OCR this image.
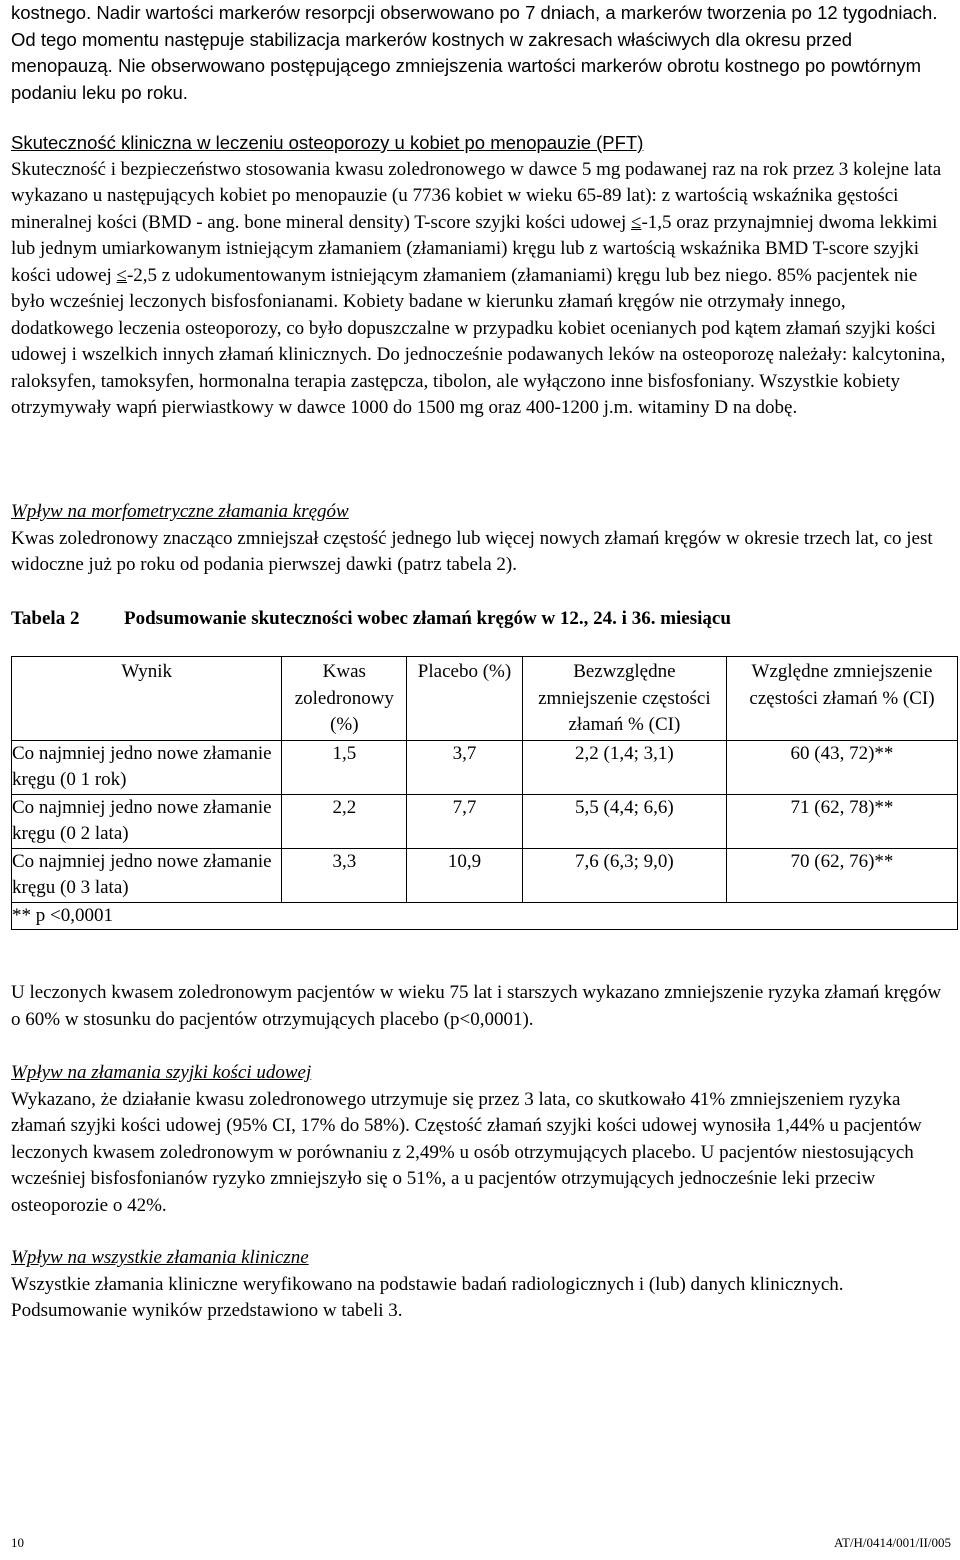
kostnego. Nadir wartości markerów resorpcji obserwowano po 7 dniach, a markerów tworzenia po 12 tygodniach. Od tego momentu następuje stabilizacja markerów kostnych w zakresach właściwych dla okresu przed menopauzą. Nie obserwowano postępującego zmniejszenia wartości markerów obrotu kostnego po powtórnym podaniu leku po roku.

Skuteczność kliniczna w leczeniu osteoporozy u kobiet po menopauzie (PFT)

Skuteczność i bezpieczeństwo stosowania kwasu zoledronowego w dawce 5 mg podawanej raz na rok przez 3 kolejne lata wykazano u następujących kobiet po menopauzie (u 7736 kobiet w wieku 65-89 lat): z wartością wskaźnika gęstości mineralnej kości (BMD - ang. bone mineral density) T-score szyjki kości udowej ≤-1,5 oraz przynajmniej dwoma lekkimi lub jednym umiarkowanym istniejącym złamaniem (złamaniami) kręgu lub z wartością wskaźnika BMD T-score szyjki kości udowej ≤-2,5 z udokumentowanym istniejącym złamaniem (złamaniami) kręgu lub bez niego. 85% pacjentek nie było wcześniej leczonych bisfosfonianami. Kobiety badane w kierunku złamań kręgów nie otrzymały innego, dodatkowego leczenia osteoporozy, co było dopuszczalne w przypadku kobiet ocenianych pod kątem złamań szyjki kości udowej i wszelkich innych złamań klinicznych. Do jednocześnie podawanych leków na osteoporozę należały: kalcytonina, raloksyfen, tamoksyfen, hormonalna terapia zastępcza, tibolon, ale wyłączono inne bisfosfoniany. Wszystkie kobiety otrzymywały wapń pierwiastkowy w dawce 1000 do 1500 mg oraz 400-1200 j.m. witaminy D na dobę.

Wpływ na morfometryczne złamania kręgów

Kwas zoledronowy znacząco zmniejszał częstość jednego lub więcej nowych złamań kręgów w okresie trzech lat, co jest widoczne już po roku od podania pierwszej dawki (patrz tabela 2).

Tabela 2 Podsumowanie skuteczności wobec złamań kręgów w 12., 24. i 36. miesiącu
Wynik	Kwas zoledronowy (%)	Placebo (%)	Bezwzględne zmniejszenie częstości złamań % (CI)	Względne zmniejszenie częstości złamań % (CI)
Co najmniej jedno nowe złamanie kręgu (0 1 rok)	1,5	3,7	2,2 (1,4; 3,1)	60 (43, 72)**
Co najmniej jedno nowe złamanie kręgu (0 2 lata)	2,2	7,7	5,5 (4,4; 6,6)	71 (62, 78)**
Co najmniej jedno nowe złamanie kręgu (0 3 lata)	3,3	10,9	7,6 (6,3; 9,0)	70 (62, 76)**
** p <0,0001				

U leczonych kwasem zoledronowym pacjentów w wieku 75 lat i starszych wykazano zmniejszenie ryzyka złamań kręgów o 60% w stosunku do pacjentów otrzymujących placebo (p<0,0001).

Wpływ na złamania szyjki kości udowej

Wykazano, że działanie kwasu zoledronowego utrzymuje się przez 3 lata, co skutkowało 41% zmniejszeniem ryzyka złamań szyjki kości udowej (95% CI, 17% do 58%). Częstość złamań szyjki kości udowej wynosiła 1,44% u pacjentów leczonych kwasem zoledronowym w porównaniu z 2,49% u osób otrzymujących placebo. U pacjentów niestosujących wcześniej bisfosfonianów ryzyko zmniejszyło się o 51%, a u pacjentów otrzymujących jednocześnie leki przeciw osteoporozie o 42%.

Wpływ na wszystkie złamania kliniczne

Wszystkie złamania kliniczne weryfikowano na podstawie badań radiologicznych i (lub) danych klinicznych. Podsumowanie wyników przedstawiono w tabeli 3.

10	AT/H/0414/001/II/005
